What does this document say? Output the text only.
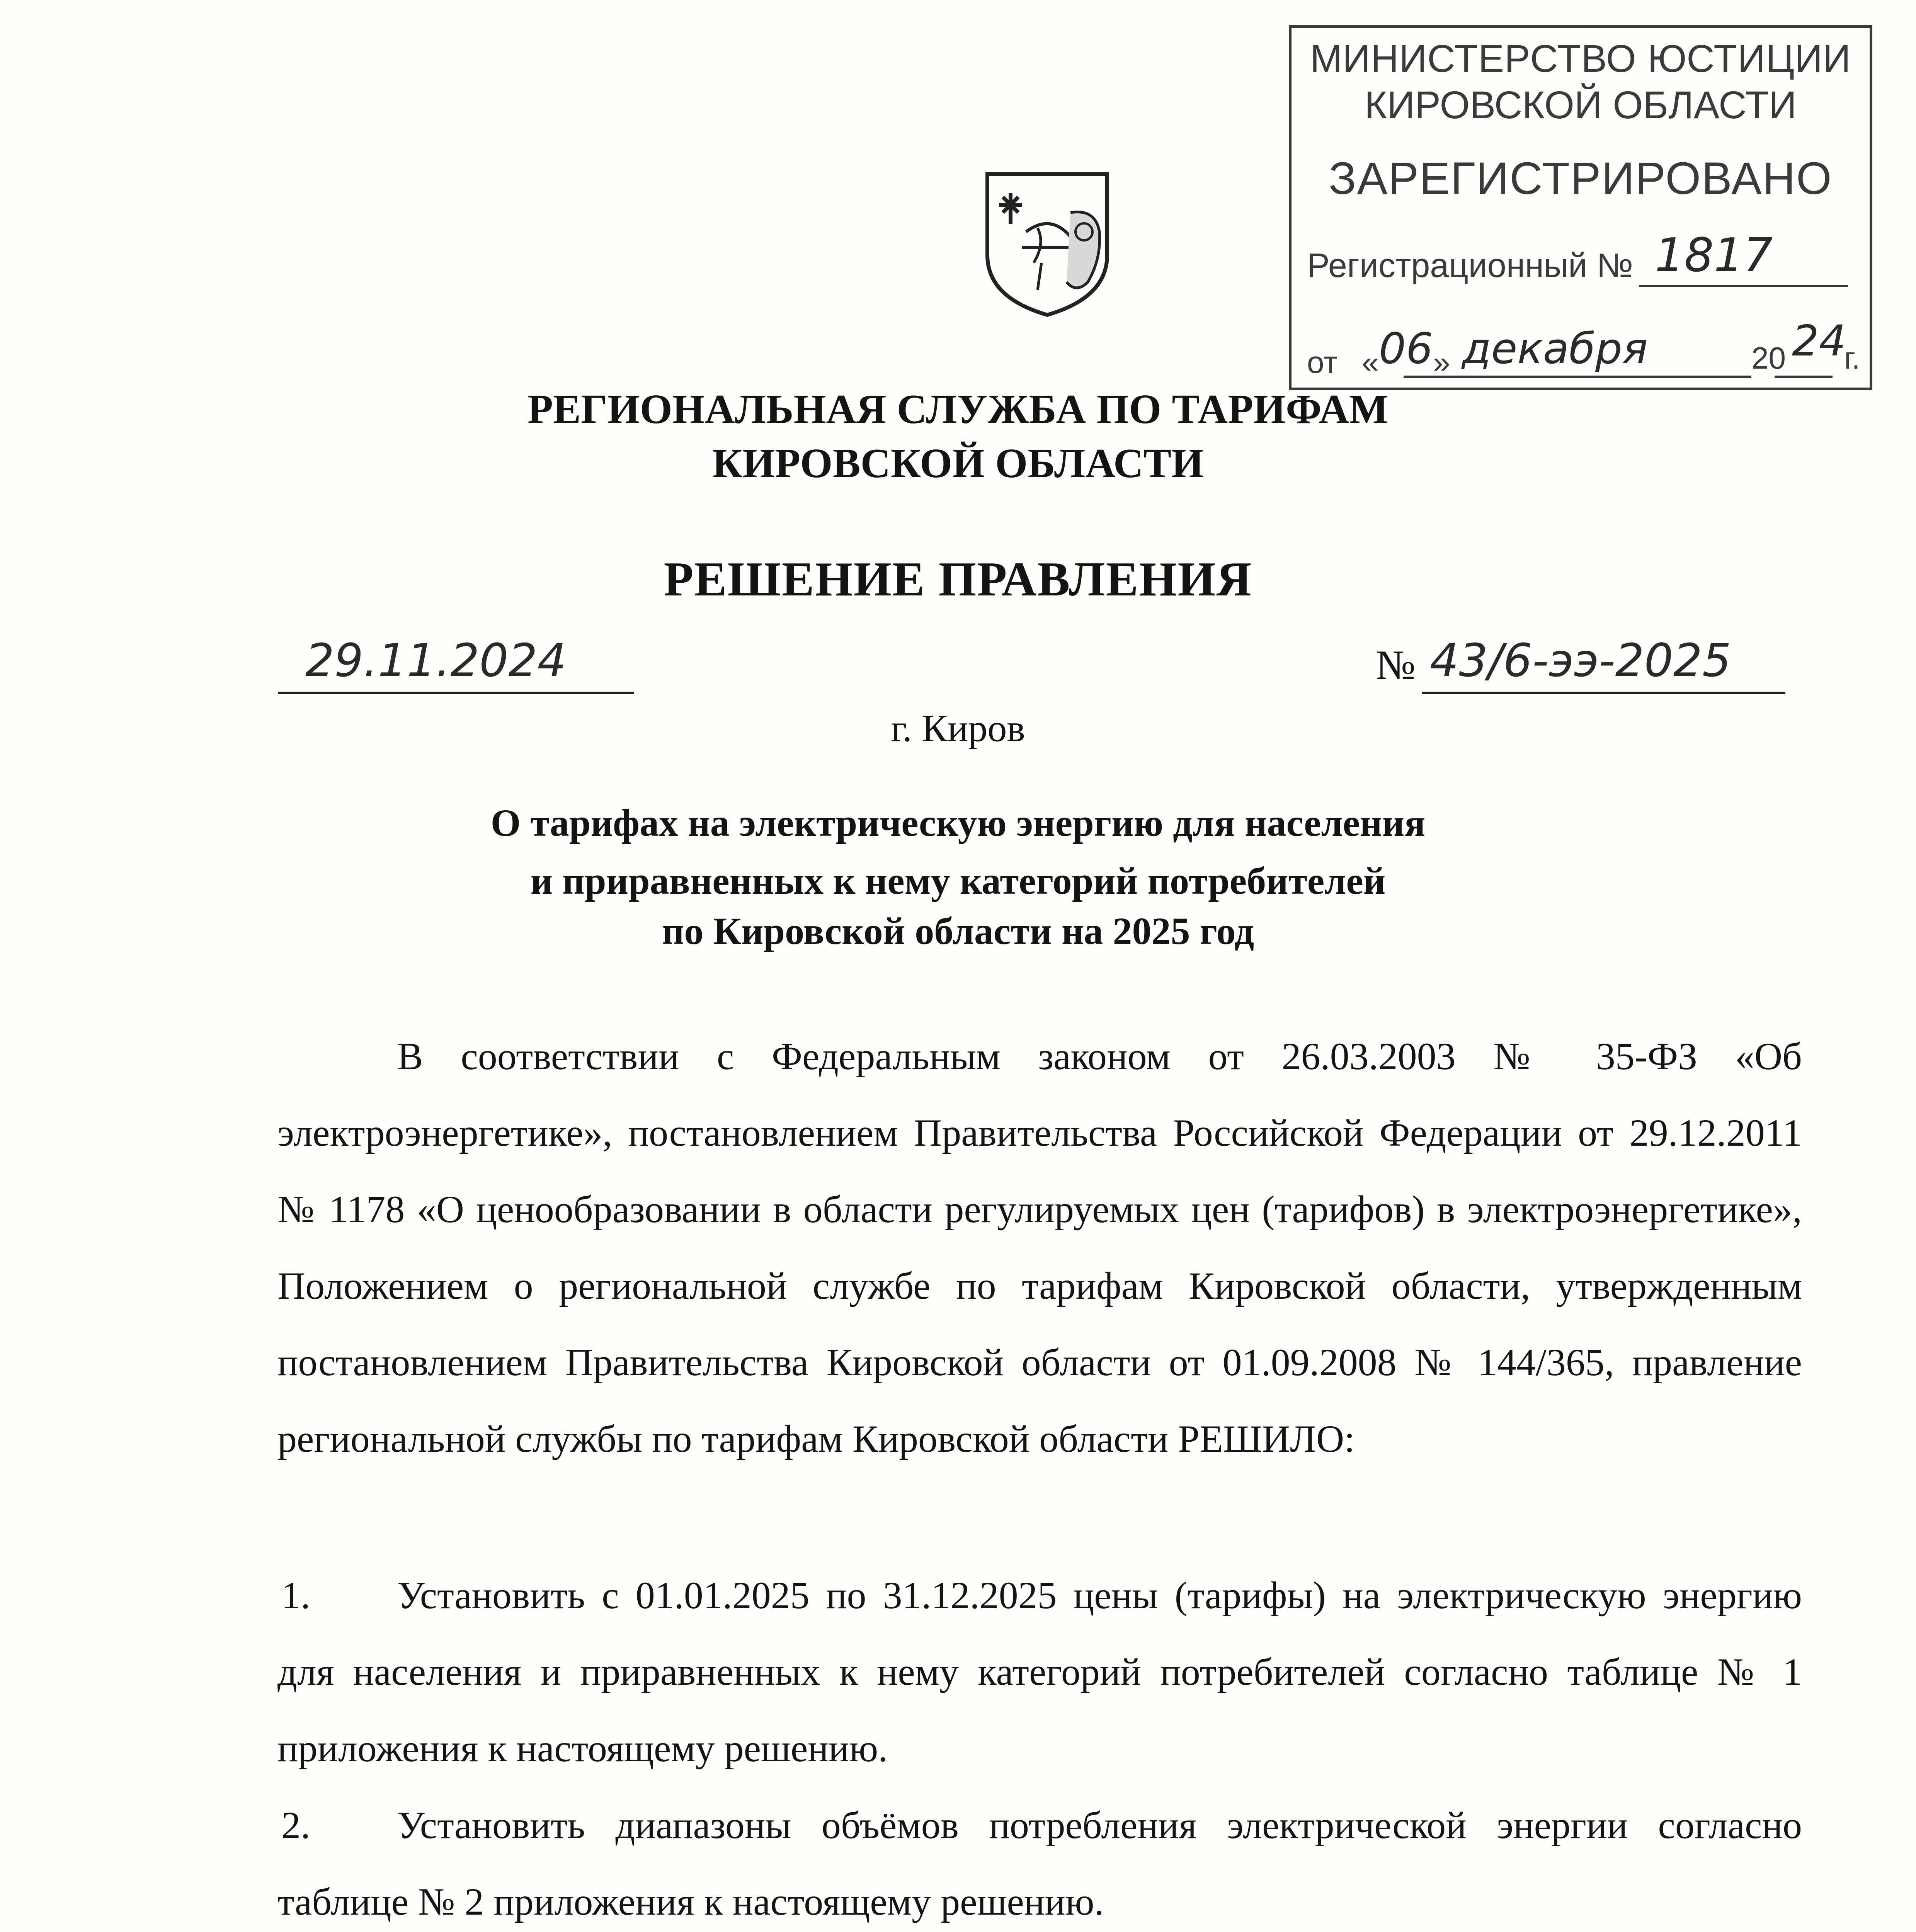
МИНИСТЕРСТВО ЮСТИЦИИ
КИРОВСКОЙ ОБЛАСТИ
ЗАРЕГИСТРИРОВАНО
Регистрационный № 1817
от «06» декабря	20 24
г.
РЕГИОНАЛЬНАЯ СЛУЖБА ПО ТАРИФАМ
КИРОВСКОЙ ОБЛАСТИ
РЕШЕНИЕ ПРАВЛЕНИЯ
29.11.2024	№ 43/6-ээ-2025
г. Киров
О тарифах на электрическую энергию для населения
и приравненных к нему категорий потребителей
по Кировской области на 2025 год
В соответствии с Федеральным законом от 26.03.2003 № 35-ФЗ «Об электроэнергетике», постановлением Правительства Российской Федерации от 29.12.2011 № 1178 «О ценообразовании в области регулируемых цен (тарифов) в электроэнергетике», Положением о региональной службе по тарифам Кировской области, утвержденным постановлением Правительства Кировской области от 01.09.2008 № 144/365, правление региональной службы по тарифам Кировской области РЕШИЛО:
1. Установить с 01.01.2025 по 31.12.2025 цены (тарифы) на электрическую энергию для населения и приравненных к нему категорий потребителей согласно таблице № 1 приложения к настоящему решению.
2. Установить диапазоны объёмов потребления электрической энергии согласно таблице № 2 приложения к настоящему решению.
